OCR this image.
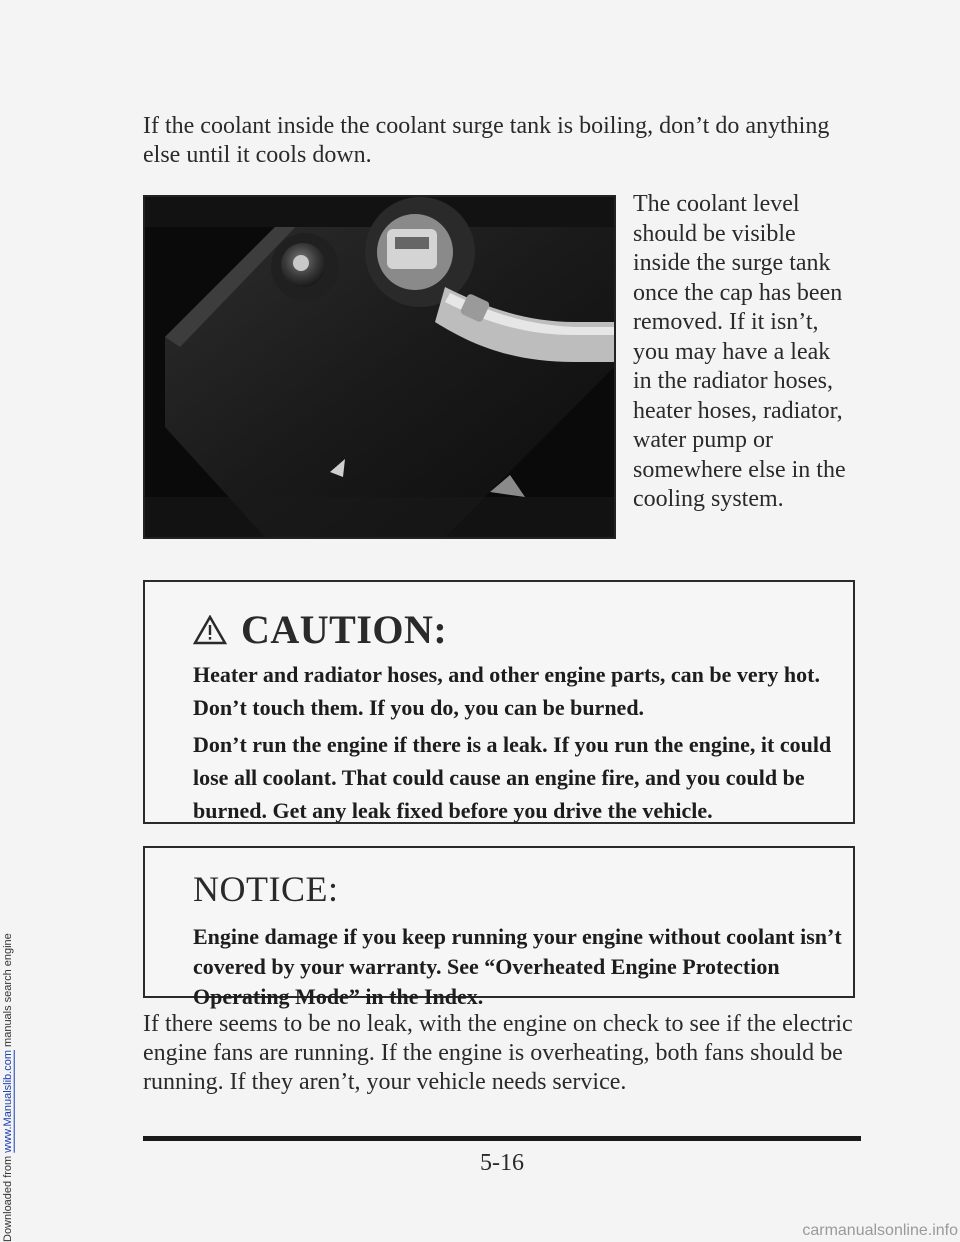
Downloaded from www.Manualslib.com manuals search engine

If the coolant inside the coolant surge tank is boiling, don’t do anything else until it cools down.

The coolant level should be visible inside the surge tank once the cap has been removed. If it isn’t, you may have a leak in the radiator hoses, heater hoses, radiator, water pump or somewhere else in the cooling system.

CAUTION:

Heater and radiator hoses, and other engine parts, can be very hot. Don’t touch them. If you do, you can be burned.

Don’t run the engine if there is a leak. If you run the engine, it could lose all coolant. That could cause an engine fire, and you could be burned. Get any leak fixed before you drive the vehicle.

NOTICE:

Engine damage if you keep running your engine without coolant isn’t covered by your warranty. See “Overheated Engine Protection Operating Mode” in the Index.

If there seems to be no leak, with the engine on check to see if the electric engine fans are running. If the engine is overheating, both fans should be running. If they aren’t, your vehicle needs service.

5-16

carmanualsonline.info
